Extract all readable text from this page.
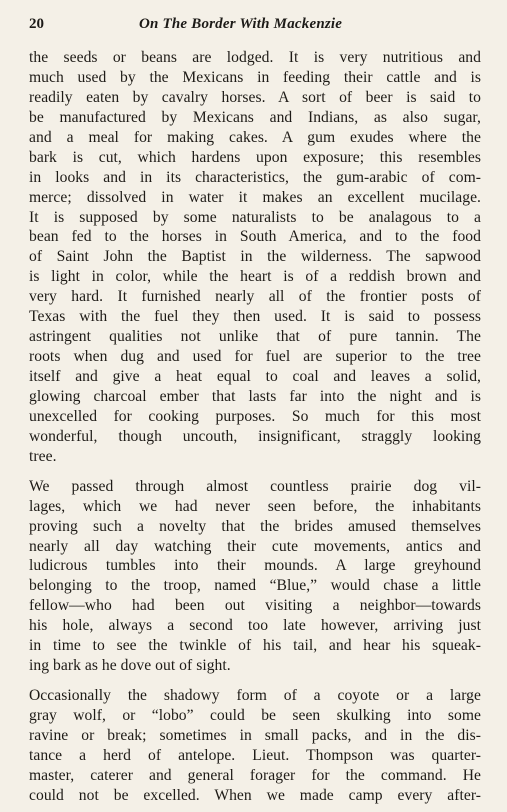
20	On The Border With Mackenzie
the seeds or beans are lodged. It is very nutritious and
much used by the Mexicans in feeding their cattle and is
readily eaten by cavalry horses. A sort of beer is said to
be manufactured by Mexicans and Indians, as also sugar,
and a meal for making cakes. A gum exudes where the
bark is cut, which hardens upon exposure; this resembles
in looks and in its characteristics, the gum-arabic of com-
merce; dissolved in water it makes an excellent mucilage.
It is supposed by some naturalists to be analagous to a
bean fed to the horses in South America, and to the food
of Saint John the Baptist in the wilderness. The sapwood
is light in color, while the heart is of a reddish brown and
very hard. It furnished nearly all of the frontier posts of
Texas with the fuel they then used. It is said to possess
astringent qualities not unlike that of pure tannin. The
roots when dug and used for fuel are superior to the tree
itself and give a heat equal to coal and leaves a solid,
glowing charcoal ember that lasts far into the night and is
unexcelled for cooking purposes. So much for this most
wonderful, though uncouth, insignificant, straggly looking
tree.
We passed through almost countless prairie dog vil-
lages, which we had never seen before, the inhabitants
proving such a novelty that the brides amused themselves
nearly all day watching their cute movements, antics and
ludicrous tumbles into their mounds. A large greyhound
belonging to the troop, named “Blue,” would chase a little
fellow—who had been out visiting a neighbor—towards
his hole, always a second too late however, arriving just
in time to see the twinkle of his tail, and hear his squeak-
ing bark as he dove out of sight.
Occasionally the shadowy form of a coyote or a large
gray wolf, or “lobo” could be seen skulking into some
ravine or break; sometimes in small packs, and in the dis-
tance a herd of antelope. Lieut. Thompson was quarter-
master, caterer and general forager for the command. He
could not be excelled. When we made camp every after-
